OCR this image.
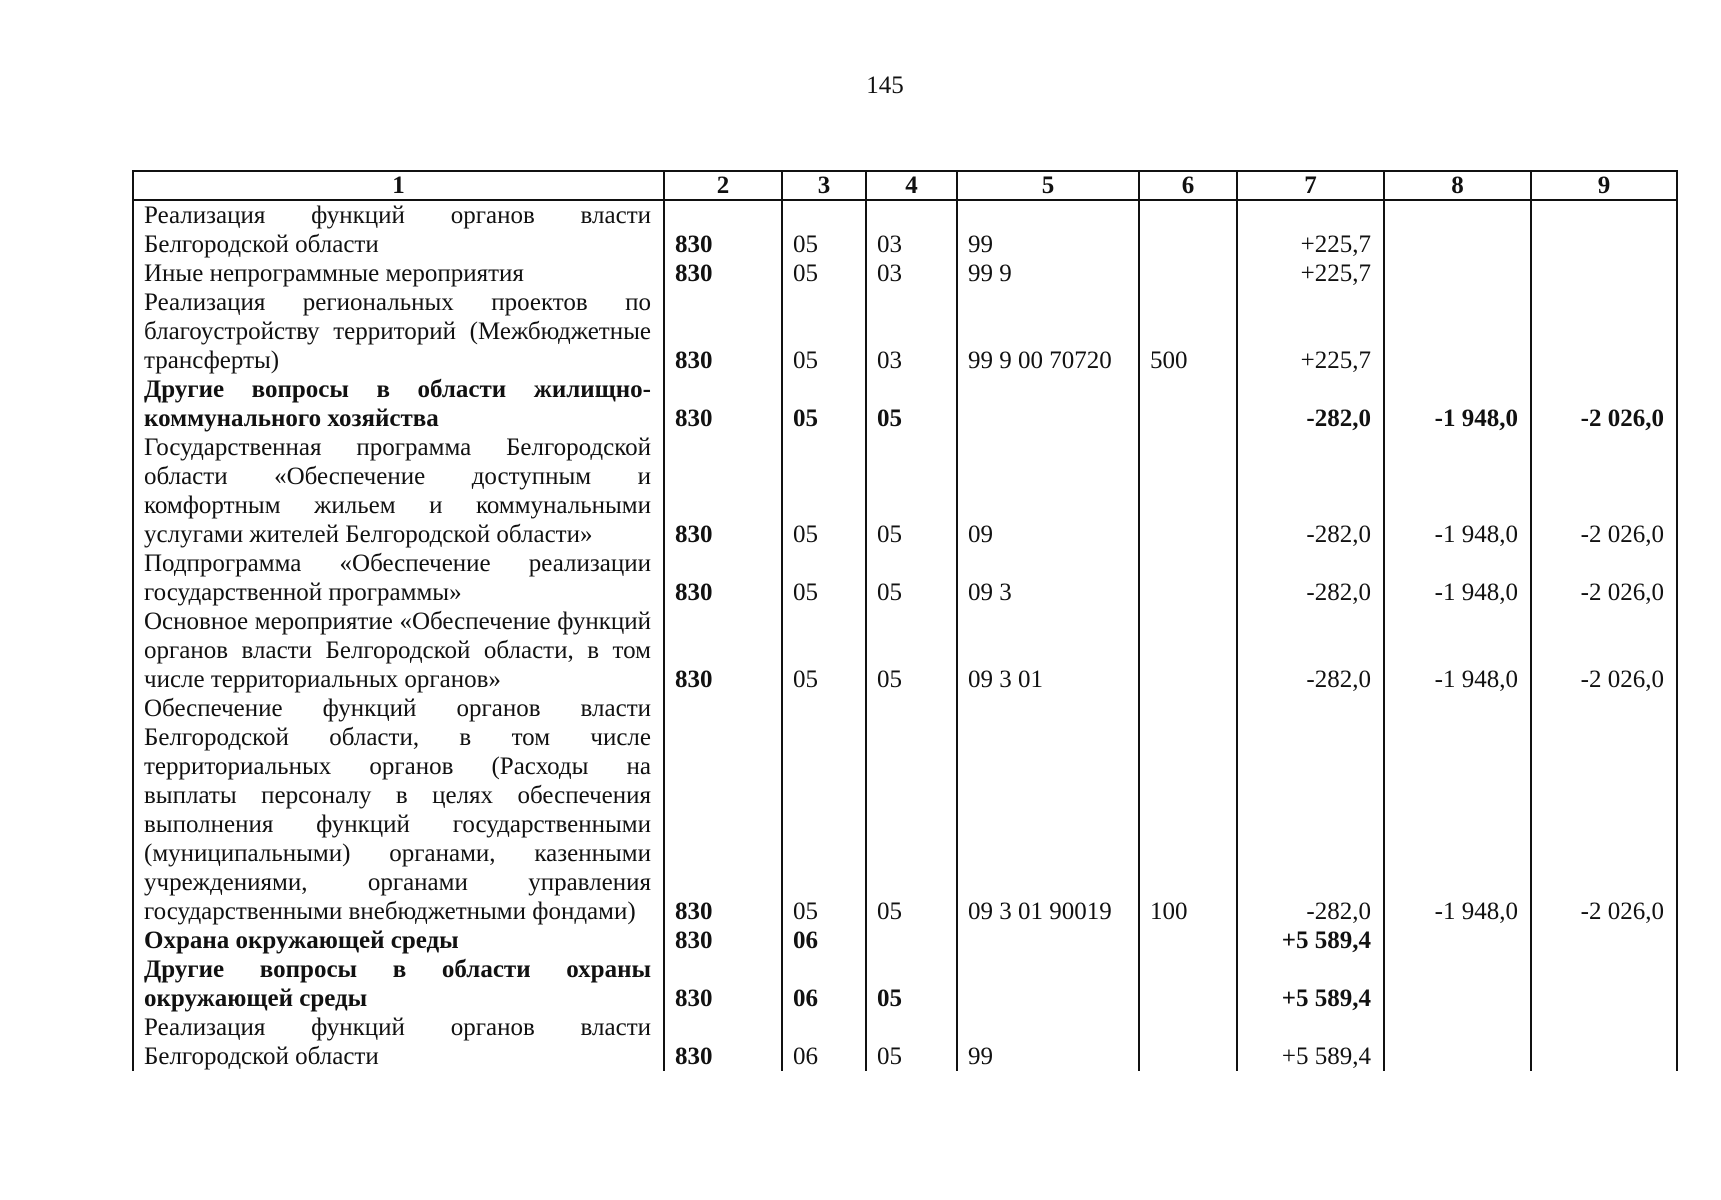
145
1	2	3	4	5	6	7	8	9
Реализация функций органов власти Белгородской области	830	05	03	99		+225,7		
Иные непрограммные мероприятия	830	05	03	99 9		+225,7		
Реализация региональных проектов по благоустройству территорий (Межбюджетные трансферты)	830	05	03	99 9 00 70720	500	+225,7		
Другие вопросы в области жилищно-коммунального хозяйства	830	05	05			-282,0	-1 948,0	-2 026,0
Государственная программа Белгородской области «Обеспечение доступным и комфортным жильем и коммунальными услугами жителей Белгородской области»	830	05	05	09		-282,0	-1 948,0	-2 026,0
Подпрограмма «Обеспечение реализации государственной программы»	830	05	05	09 3		-282,0	-1 948,0	-2 026,0
Основное мероприятие «Обеспечение функций органов власти Белгородской области, в том числе территориальных органов»	830	05	05	09 3 01		-282,0	-1 948,0	-2 026,0
Обеспечение функций органов власти Белгородской области, в том числе территориальных органов (Расходы на выплаты персоналу в целях обеспечения выполнения функций государственными (муниципальными) органами, казенными учреждениями, органами управления государственными внебюджетными фондами)	830	05	05	09 3 01 90019	100	-282,0	-1 948,0	-2 026,0
Охрана окружающей среды	830	06				+5 589,4		
Другие вопросы в области охраны окружающей среды	830	06	05			+5 589,4		
Реализация функций органов власти Белгородской области	830	06	05	99		+5 589,4		
